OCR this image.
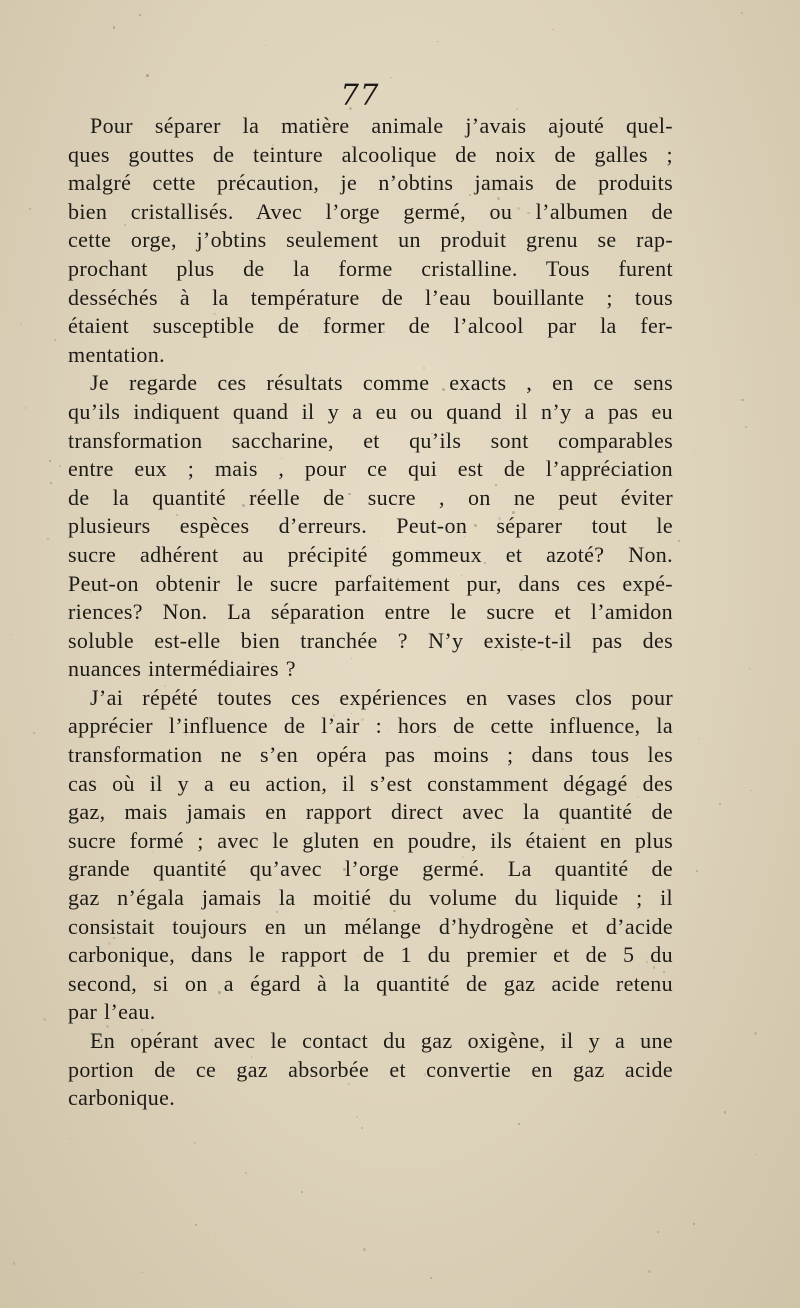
77

Pour séparer la matière animale j’avais ajouté quel-
ques gouttes de teinture alcoolique de noix de galles ;
malgré cette précaution, je n’obtins jamais de produits
bien cristallisés. Avec l’orge germé, ou l’albumen de
cette orge, j’obtins seulement un produit grenu se rap-
prochant plus de la forme cristalline. Tous furent
desséchés à la température de l’eau bouillante ; tous
étaient susceptible de former de l’alcool par la fer-
mentation.

Je regarde ces résultats comme exacts , en ce sens
qu’ils indiquent quand il y a eu ou quand il n’y a pas eu
transformation saccharine, et qu’ils sont comparables
entre eux ; mais , pour ce qui est de l’appréciation
de la quantité réelle de sucre , on ne peut éviter
plusieurs espèces d’erreurs. Peut-on séparer tout le
sucre adhérent au précipité gommeux et azoté? Non.
Peut-on obtenir le sucre parfaitement pur, dans ces expé-
riences? Non. La séparation entre le sucre et l’amidon
soluble est-elle bien tranchée ? N’y existe-t-il pas des
nuances intermédiaires ?

J’ai répété toutes ces expériences en vases clos pour
apprécier l’influence de l’air : hors de cette influence, la
transformation ne s’en opéra pas moins ; dans tous les
cas où il y a eu action, il s’est constamment dégagé des
gaz, mais jamais en rapport direct avec la quantité de
sucre formé ; avec le gluten en poudre, ils étaient en plus
grande quantité qu’avec l’orge germé. La quantité de
gaz n’égala jamais la moitié du volume du liquide ; il
consistait toujours en un mélange d’hydrogène et d’acide
carbonique, dans le rapport de 1 du premier et de 5 du
second, si on a égard à la quantité de gaz acide retenu
par l’eau.

En opérant avec le contact du gaz oxigène, il y a une
portion de ce gaz absorbée et convertie en gaz acide
carbonique.
